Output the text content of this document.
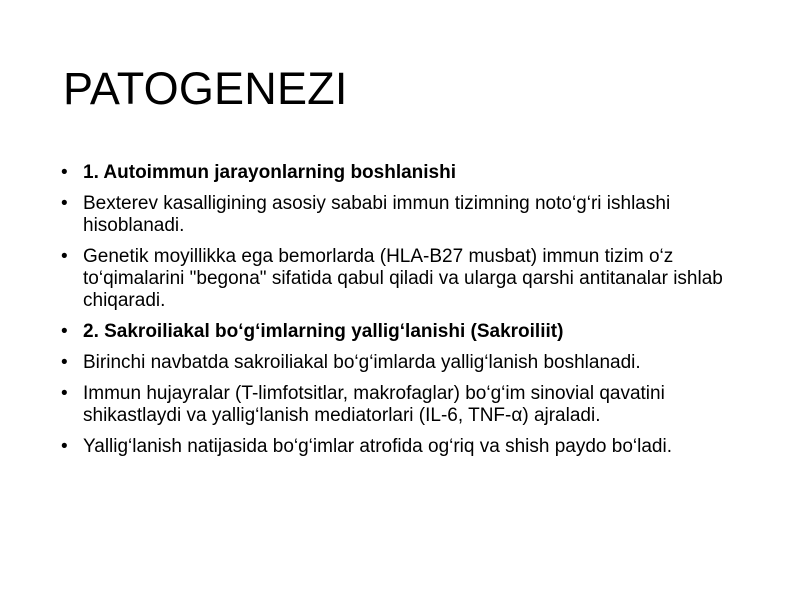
PATOGENEZI
• 1. Autoimmun jarayonlarning boshlanishi
• Bexterev kasalligining asosiy sababi immun tizimning noto‘g‘ri ishlashi hisoblanadi.
• Genetik moyillikka ega bemorlarda (HLA-B27 musbat) immun tizim o‘z to‘qimalarini "begona" sifatida qabul qiladi va ularga qarshi antitanalar ishlab chiqaradi.
• 2. Sakroiliakal bo‘g‘imlarning yallig‘lanishi (Sakroiliit)
• Birinchi navbatda sakroiliakal bo‘g‘imlarda yallig‘lanish boshlanadi.
• Immun hujayralar (T-limfotsitlar, makrofaglar) bo‘g‘im sinovial qavatini shikastlaydi va yallig‘lanish mediatorlari (IL-6, TNF-α) ajraladi.
• Yallig‘lanish natijasida bo‘g‘imlar atrofida og‘riq va shish paydo bo‘ladi.
